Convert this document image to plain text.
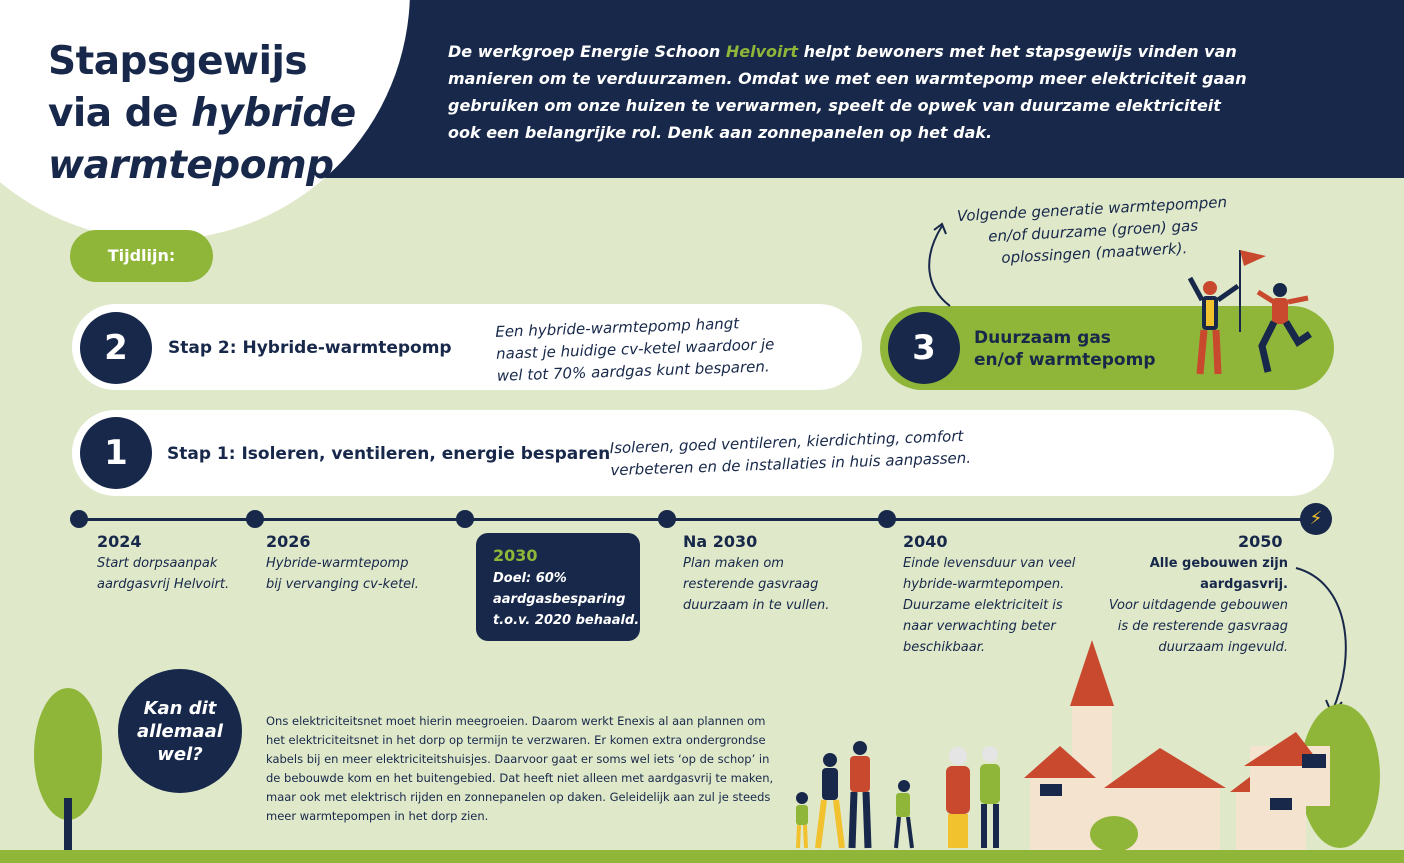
Stapsgewijs
via de hybride
warmtepomp
De werkgroep Energie Schoon Helvoirt helpt bewoners met het stapsgewijs vinden van manieren om te verduurzamen. Omdat we met een warmtepomp meer elektriciteit gaan gebruiken om onze huizen te verwarmen, speelt de opwek van duurzame elektriciteit ook een belangrijke rol. Denk aan zonnepanelen op het dak.
Tijdlijn:
2	Stap 2: Hybride-warmtepomp
Een hybride-warmtepomp hangt
naast je huidige cv-ketel waardoor je
wel tot 70% aardgas kunt besparen.
3	Duurzaam gas
en/of warmtepomp
Volgende generatie warmtepompen
en/of duurzame (groen) gas
oplossingen (maatwerk).
1	Stap 1: Isoleren, ventileren, energie besparen Isoleren, goed ventileren, kierdichting, comfort
verbeteren en de installaties in huis aanpassen.
⚡
2024
Start dorpsaanpak
aardgasvrij Helvoirt.
2026
Hybride-warmtepomp
bij vervanging cv-ketel.
2030
Doel: 60%
aardgasbesparing
t.o.v. 2020 behaald.
Na 2030
Plan maken om
resterende gasvraag
duurzaam in te vullen.
2040
Einde levensduur van veel
hybride-warmtepompen.
Duurzame elektriciteit is
naar verwachting beter
beschikbaar.
2050
Alle gebouwen zijn
aardgasvrij.
Voor uitdagende gebouwen
is de resterende gasvraag
duurzaam ingevuld.
Kan dit
allemaal
wel?
Ons elektriciteitsnet moet hierin meegroeien. Daarom werkt Enexis al aan plannen om het elektriciteitsnet in het dorp op termijn te verzwaren. Er komen extra ondergrondse kabels bij en meer elektriciteitshuisjes. Daarvoor gaat er soms wel iets ‘op de schop’ in de bebouwde kom en het buitengebied. Dat heeft niet alleen met aardgasvrij te maken, maar ook met elektrisch rijden en zonnepanelen op daken. Geleidelijk aan zul je steeds meer warmtepompen in het dorp zien.
